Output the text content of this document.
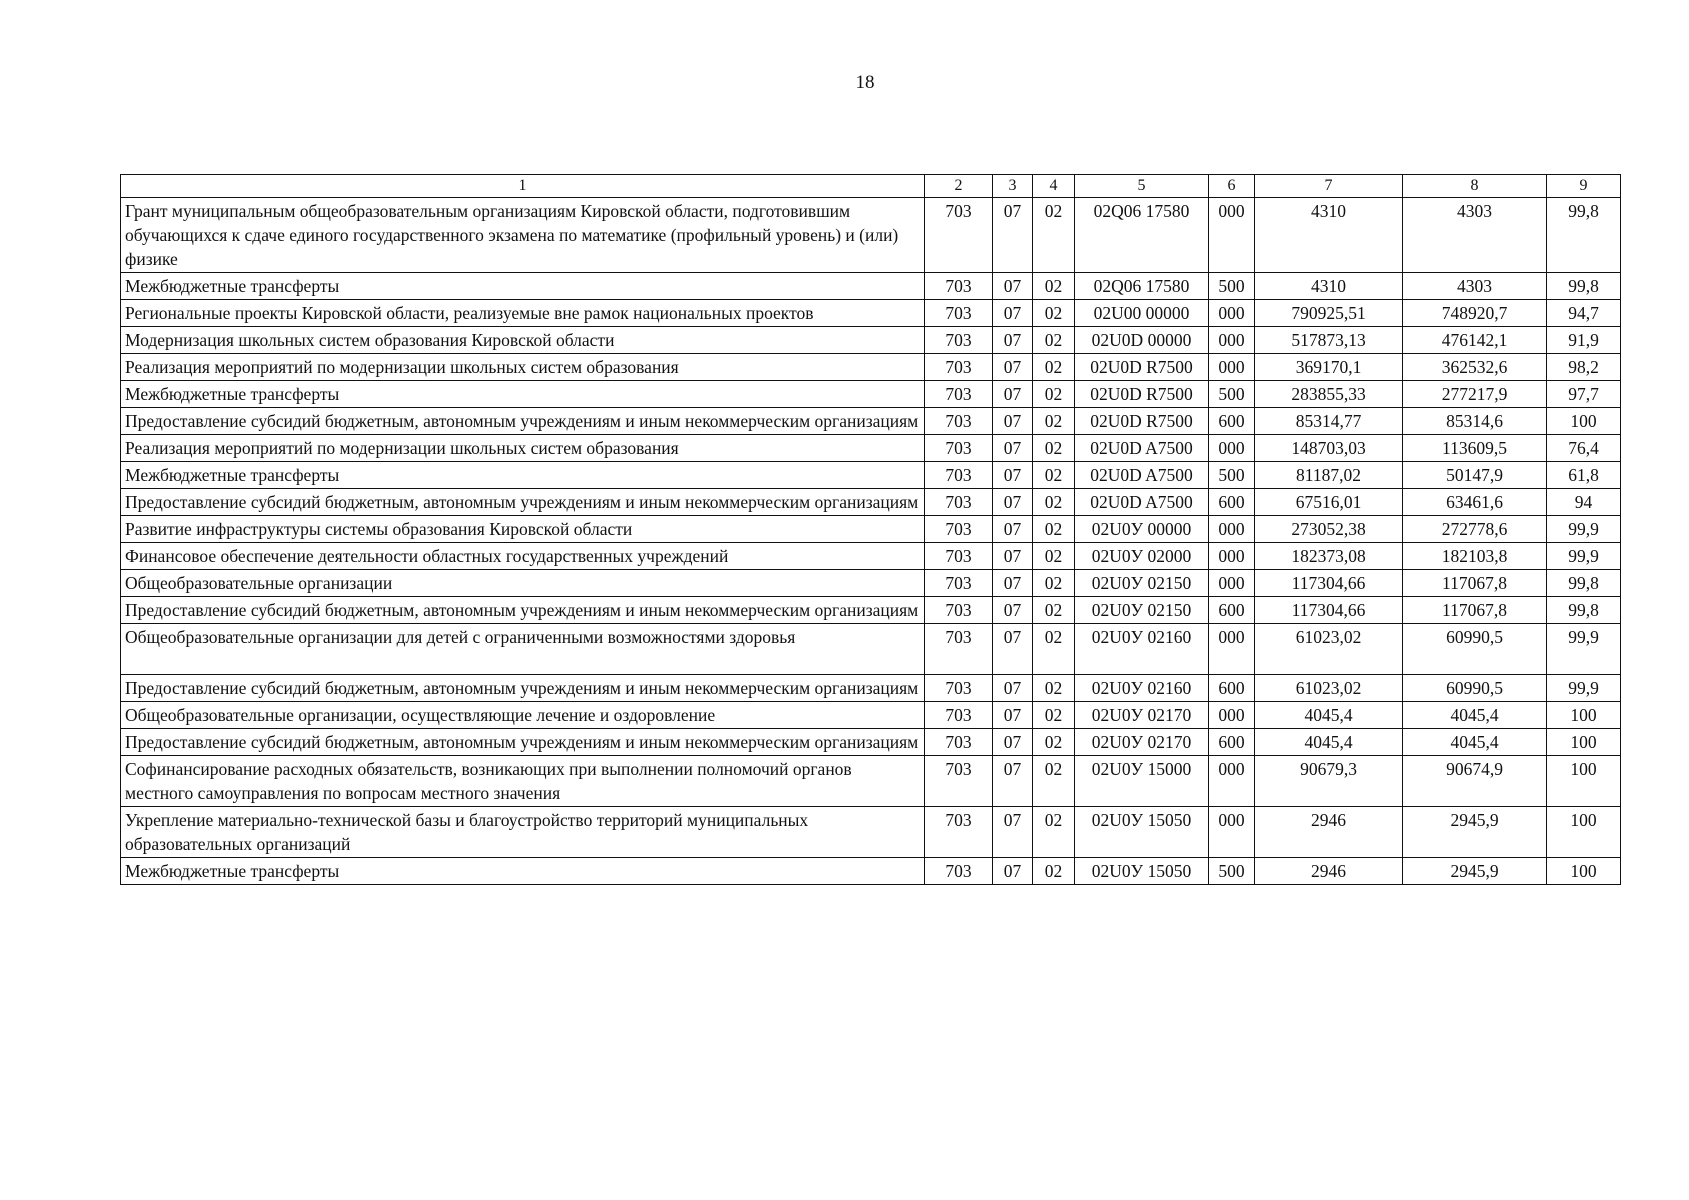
18
1	2	3	4	5	6	7	8	9
Грант муниципальным общеобразовательным организациям Кировской области, подготовившим обучающихся к сдаче единого государственного экзамена по математике (профильный уровень) и (или) физике	703	07	02	02Q06 17580	000	4310	4303	99,8
Межбюджетные трансферты	703	07	02	02Q06 17580	500	4310	4303	99,8
Региональные проекты Кировской области, реализуемые вне рамок национальных проектов	703	07	02	02U00 00000	000	790925,51	748920,7	94,7
Модернизация школьных систем образования Кировской области	703	07	02	02U0D 00000	000	517873,13	476142,1	91,9
Реализация мероприятий по модернизации школьных систем образования	703	07	02	02U0D R7500	000	369170,1	362532,6	98,2
Межбюджетные трансферты	703	07	02	02U0D R7500	500	283855,33	277217,9	97,7
Предоставление субсидий бюджетным, автономным учреждениям и иным некоммерческим организациям	703	07	02	02U0D R7500	600	85314,77	85314,6	100
Реализация мероприятий по модернизации школьных систем образования	703	07	02	02U0D A7500	000	148703,03	113609,5	76,4
Межбюджетные трансферты	703	07	02	02U0D A7500	500	81187,02	50147,9	61,8
Предоставление субсидий бюджетным, автономным учреждениям и иным некоммерческим организациям	703	07	02	02U0D A7500	600	67516,01	63461,6	94
Развитие инфраструктуры системы образования Кировской области	703	07	02	02U0У 00000	000	273052,38	272778,6	99,9
Финансовое обеспечение деятельности областных государственных учреждений	703	07	02	02U0У 02000	000	182373,08	182103,8	99,9
Общеобразовательные организации	703	07	02	02U0У 02150	000	117304,66	117067,8	99,8
Предоставление субсидий бюджетным, автономным учреждениям и иным некоммерческим организациям	703	07	02	02U0У 02150	600	117304,66	117067,8	99,8
Общеобразовательные организации для детей с ограниченными возможностями здоровья	703	07	02	02U0У 02160	000	61023,02	60990,5	99,9
Предоставление субсидий бюджетным, автономным учреждениям и иным некоммерческим организациям	703	07	02	02U0У 02160	600	61023,02	60990,5	99,9
Общеобразовательные организации, осуществляющие лечение и оздоровление	703	07	02	02U0У 02170	000	4045,4	4045,4	100
Предоставление субсидий бюджетным, автономным учреждениям и иным некоммерческим организациям	703	07	02	02U0У 02170	600	4045,4	4045,4	100
Софинансирование расходных обязательств, возникающих при выполнении полномочий органов местного самоуправления по вопросам местного значения	703	07	02	02U0У 15000	000	90679,3	90674,9	100
Укрепление материально-технической базы и благоустройство территорий муниципальных образовательных организаций	703	07	02	02U0У 15050	000	2946	2945,9	100
Межбюджетные трансферты	703	07	02	02U0У 15050	500	2946	2945,9	100
